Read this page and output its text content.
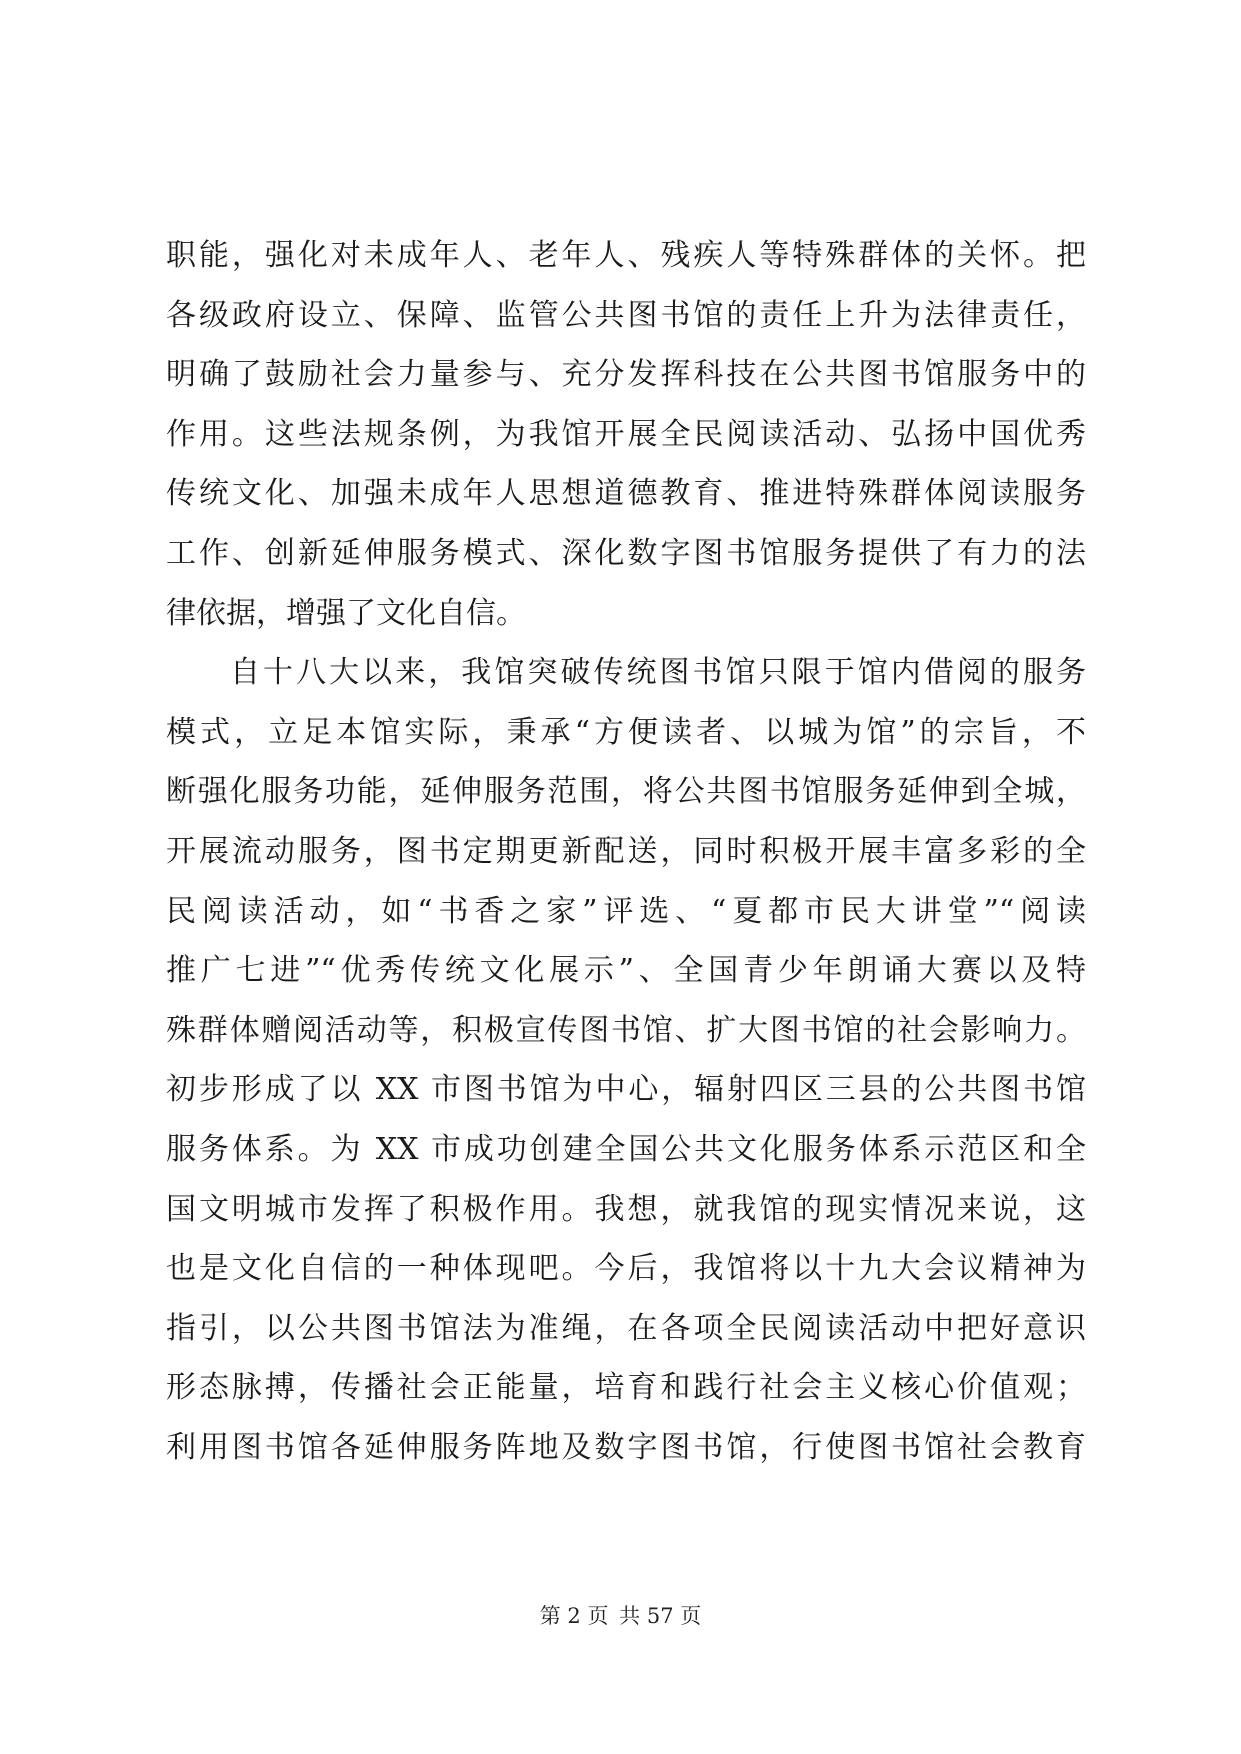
职能，强化对未成年人、老年人、残疾人等特殊群体的关怀。把
各级政府设立、保障、监管公共图书馆的责任上升为法律责任，
明确了鼓励社会力量参与、充分发挥科技在公共图书馆服务中的
作用。这些法规条例，为我馆开展全民阅读活动、弘扬中国优秀
传统文化、加强未成年人思想道德教育、推进特殊群体阅读服务
工作、创新延伸服务模式、深化数字图书馆服务提供了有力的法
律依据，增强了文化自信。
自十八大以来，我馆突破传统图书馆只限于馆内借阅的服务
模式，立足本馆实际，秉承“方便读者、以城为馆”的宗旨，不
断强化服务功能，延伸服务范围，将公共图书馆服务延伸到全城，
开展流动服务，图书定期更新配送，同时积极开展丰富多彩的全
民阅读活动，如“书香之家”评选、“夏都市民大讲堂”“阅读
推广七进”“优秀传统文化展示”、全国青少年朗诵大赛以及特
殊群体赠阅活动等，积极宣传图书馆、扩大图书馆的社会影响力。
初步形成了以 XX 市图书馆为中心，辐射四区三县的公共图书馆
服务体系。为 XX 市成功创建全国公共文化服务体系示范区和全
国文明城市发挥了积极作用。我想，就我馆的现实情况来说，这
也是文化自信的一种体现吧。今后，我馆将以十九大会议精神为
指引，以公共图书馆法为准绳，在各项全民阅读活动中把好意识
形态脉搏，传播社会正能量，培育和践行社会主义核心价值观；
利用图书馆各延伸服务阵地及数字图书馆，行使图书馆社会教育
第 2 页 共 57 页
